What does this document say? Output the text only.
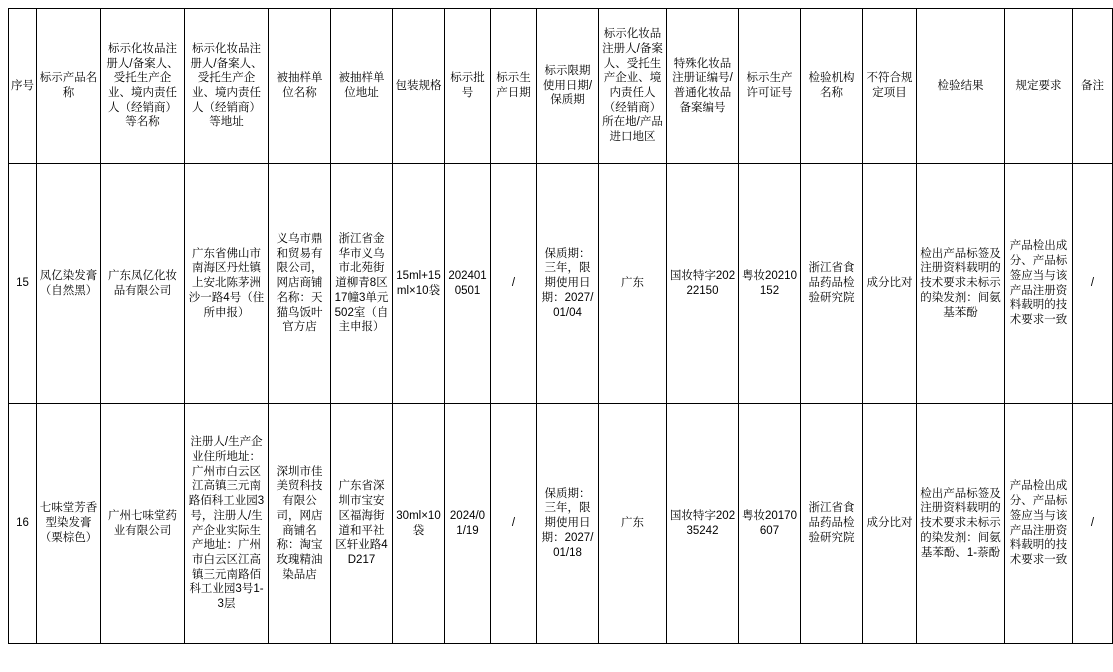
序号	标示产品名称	标示化妆品注册人/备案人、受托生产企业、境内责任人（经销商）等名称	标示化妆品注册人/备案人、受托生产企业、境内责任人（经销商）等地址	被抽样单位名称	被抽样单位地址	包装规格	标示批号	标示生产日期	标示限期使用日期/保质期	标示化妆品注册人/备案人、受托生产企业、境内责任人（经销商）所在地/产品进口地区	特殊化妆品注册证编号/普通化妆品备案编号	标示生产许可证号	检验机构名称	不符合规定项目	检验结果	规定要求	备注
15	凤亿染发膏（自然黑）	广东凤亿化妆品有限公司	广东省佛山市南海区丹灶镇上安北陈茅洲沙一路4号（住所申报）	义乌市鼎和贸易有限公司，网店商铺名称：天猫鸟饭叶官方店	浙江省金华市义乌市北苑街道柳青8区17幢3单元502室（自主申报）	15ml+15ml×10袋	2024010501	/	保质期：三年，限期使用日期：2027/01/04	广东	国妆特字20222150	粤妆20210152	浙江省食品药品检验研究院	成分比对	检出产品标签及注册资料载明的技术要求未标示的染发剂：间氨基苯酚	产品检出成分、产品标签应当与该产品注册资料载明的技术要求一致	/
16	七味堂芳香型染发膏（栗棕色）	广州七味堂药业有限公司	注册人/生产企业住所地址：广州市白云区江高镇三元南路佰科工业园3号，注册人/生产企业实际生产地址：广州市白云区江高镇三元南路佰科工业园3号1-3层	深圳市佳美贸科技有限公司，网店商铺名称：淘宝玫瑰精油染品店	广东省深圳市宝安区福海街道和平社区轩业路4D217	30ml×10袋	2024/01/19	/	保质期：三年，限期使用日期：2027/01/18	广东	国妆特字20235242	粤妆20170607	浙江省食品药品检验研究院	成分比对	检出产品标签及注册资料载明的技术要求未标示的染发剂：间氨基苯酚、1-萘酚	产品检出成分、产品标签应当与该产品注册资料载明的技术要求一致	/
